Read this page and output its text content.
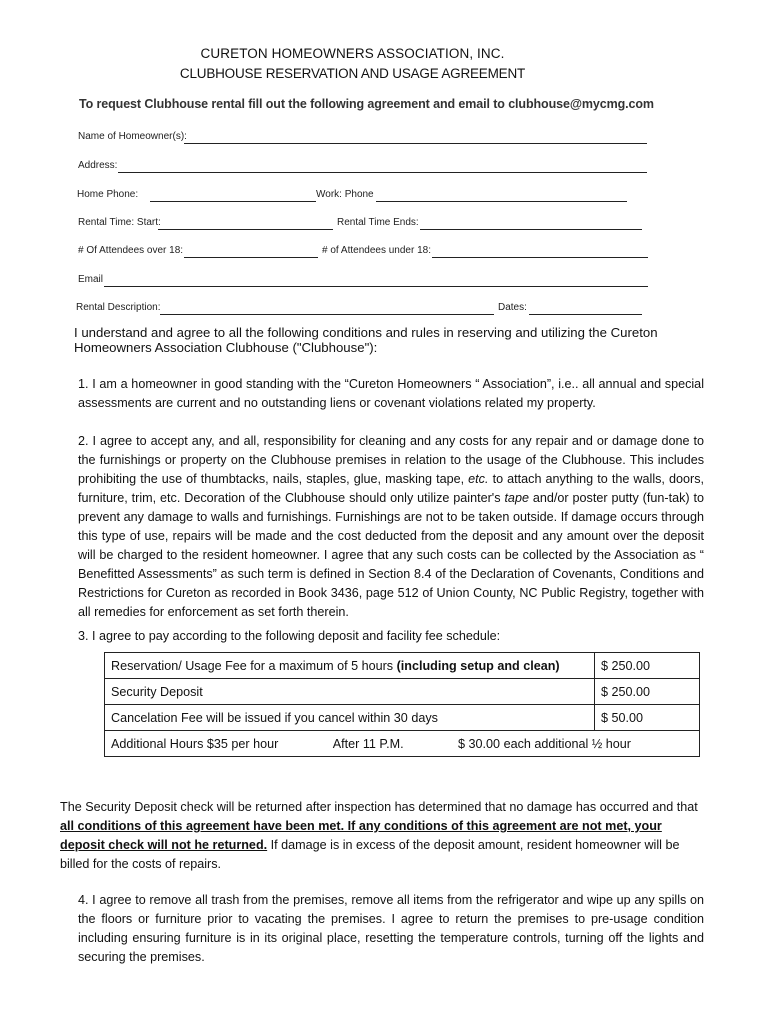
CURETON HOMEOWNERS ASSOCIATION, INC.
CLUBHOUSE RESERVATION AND USAGE AGREEMENT
To request Clubhouse rental fill out the following agreement and email to clubhouse@mycmg.com
Name of Homeowner(s):
Address:
Home Phone:	Work: Phone
Rental Time: Start:	Rental Time Ends:
# Of Attendees over 18:	# of Attendees under 18:
Email
Rental Description:	Dates:
I understand and agree to all the following conditions and rules in reserving and utilizing the Cureton Homeowners Association Clubhouse ("Clubhouse"):
1. I am a homeowner in good standing with the “Cureton Homeowners “ Association”, i.e.. all annual and special assessments are current and no outstanding liens or covenant violations related my property.
2. I agree to accept any, and all, responsibility for cleaning and any costs for any repair and or damage done to the furnishings or property on the Clubhouse premises in relation to the usage of the Clubhouse. This includes prohibiting the use of thumbtacks, nails, staples, glue, masking tape, etc. to attach anything to the walls, doors, furniture, trim, etc. Decoration of the Clubhouse should only utilize painter's tape and/or poster putty (fun-tak) to prevent any damage to walls and furnishings. Furnishings are not to be taken outside. If damage occurs through this type of use, repairs will be made and the cost deducted from the deposit and any amount over the deposit will be charged to the resident homeowner. I agree that any such costs can be collected by the Association as “ Benefitted Assessments” as such term is defined in Section 8.4 of the Declaration of Covenants, Conditions and Restrictions for Cureton as recorded in Book 3436, page 512 of Union County, NC Public Registry, together with all remedies for enforcement as set forth therein.
3. I agree to pay according to the following deposit and facility fee schedule:
Reservation/ Usage Fee for a maximum of 5 hours (including setup and clean)	$ 250.00
Security Deposit	$ 250.00
Cancelation Fee will be issued if you cancel within 30 days	$ 50.00

Additional Hours $35 per hour After 11 P.M. $ 30.00 each additional ½ hour	
The Security Deposit check will be returned after inspection has determined that no damage has occurred and that all conditions of this agreement have been met. If any conditions of this agreement are not met, your deposit check will not he returned. If damage is in excess of the deposit amount, resident homeowner will be billed for the costs of repairs.
4. I agree to remove all trash from the premises, remove all items from the refrigerator and wipe up any spills on the floors or furniture prior to vacating the premises. I agree to return the premises to pre-usage condition including ensuring furniture is in its original place, resetting the temperature controls, turning off the lights and securing the premises.
